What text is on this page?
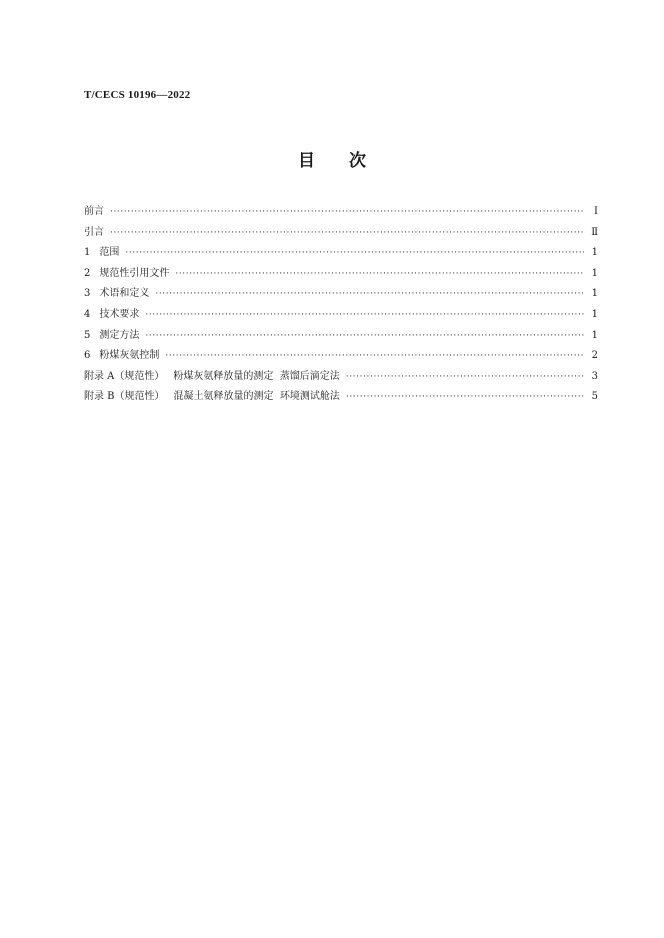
T/CECS 10196—2022
目次
前言 ·····	Ⅰ
引言 ·····	Ⅱ
1 范围 ·····	1
2 规范性引用文件 ·····	1
3 术语和定义 ·····	1
4 技术要求 ·····	1
5 测定方法 ·····	1
6 粉煤灰氨控制 ·····	2
附录 A（规范性） 粉煤灰氨释放量的测定  蒸馏后滴定法 ·····	3
附录 B（规范性） 混凝土氨释放量的测定  环境测试舱法 ·····	5
